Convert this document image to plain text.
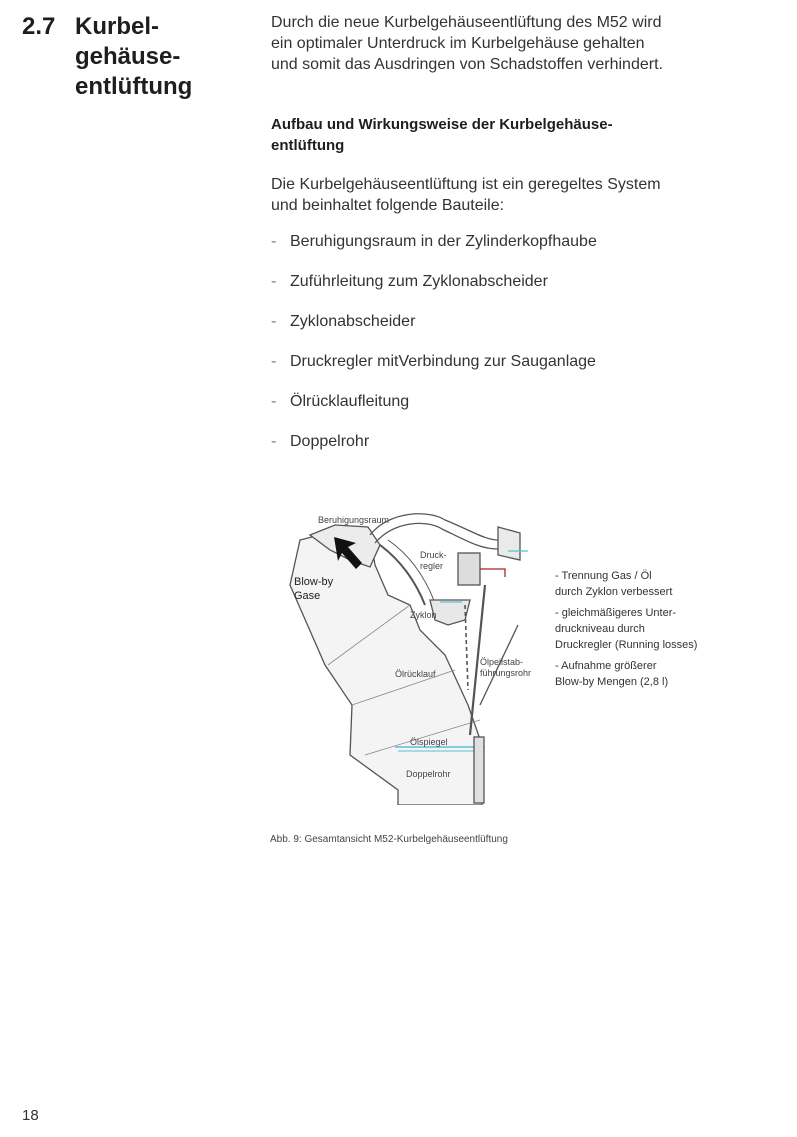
2.7 Kurbel-
gehäuse-
entlüftung
Durch die neue Kurbelgehäuseentlüftung des M52 wird
ein optimaler Unterdruck im Kurbelgehäuse gehalten
und somit das Ausdringen von Schadstoffen verhindert.
Aufbau und Wirkungsweise der Kurbelgehäuse-
entlüftung
Die Kurbelgehäuseentlüftung ist ein geregeltes System
und beinhaltet folgende Bauteile:
- Beruhigungsraum in der Zylinderkopfhaube
- Zuführleitung zum Zyklonabscheider
- Zyklonabscheider
- Druckregler mitVerbindung zur Sauganlage
- Ölrücklaufleitung
- Doppelrohr
Beruhigungsraum
Druck-
regler
Blow-by
Gase
Zyklon
Ölpeilstab-
führungsrohr
Ölrücklauf
Ölspiegel
Doppelrohr
- Trennung Gas / Öl
durch Zyklon verbessert
- gleichmäßigeres Unter-
druckniveau durch
Druckregler (Running losses)
- Aufnahme größerer
Blow-by Mengen (2,8 l)
Abb. 9: Gesamtansicht M52-Kurbelgehäuseentlüftung
18
